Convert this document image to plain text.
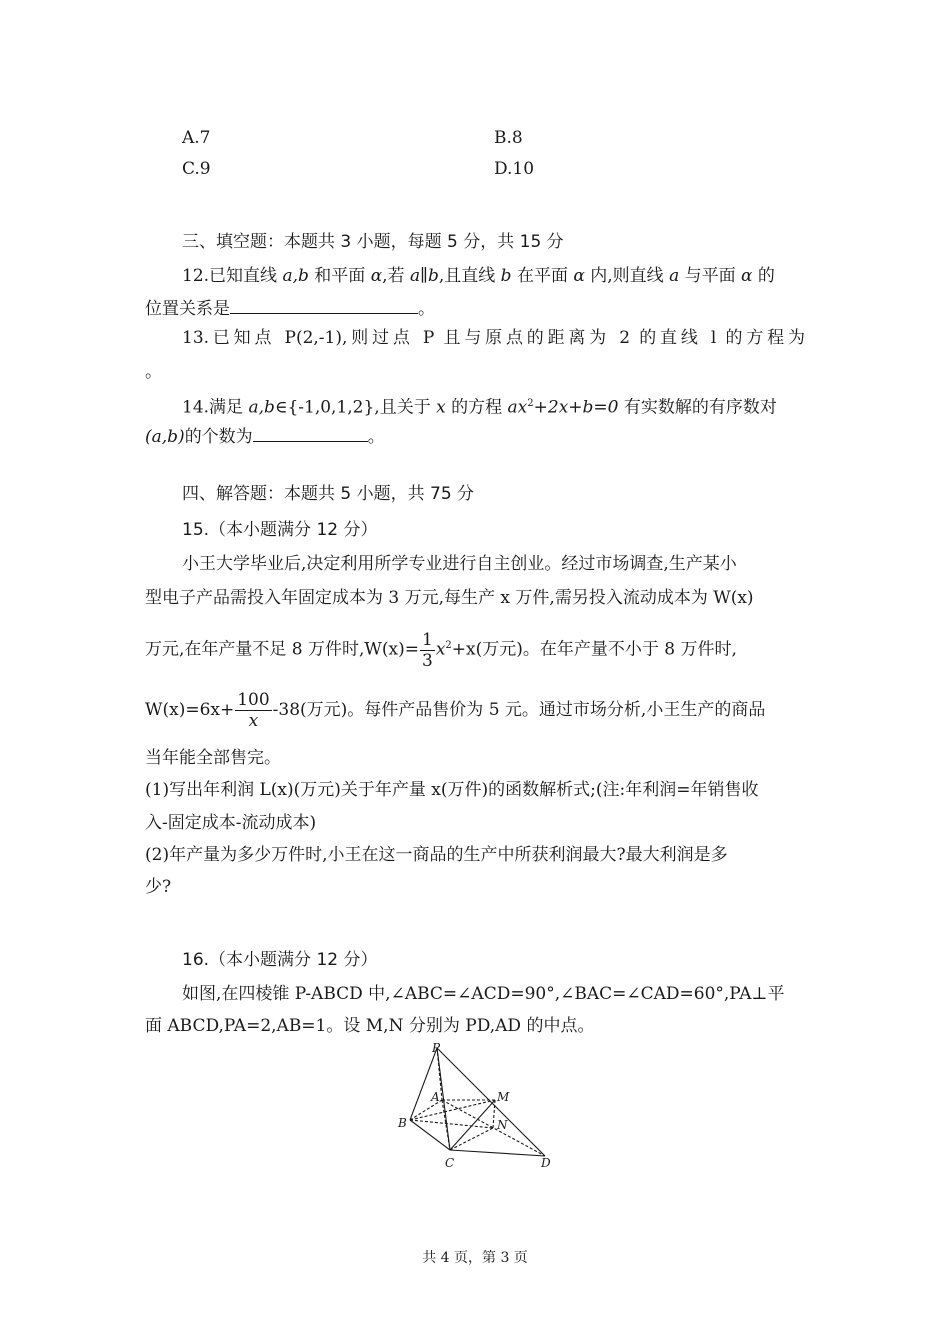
A.7	B.8
C.9	D.10
三、填空题：本题共 3 小题，每题 5 分，共 15 分
12.已知直线 a,b 和平面 α,若 a∥b,且直线 b 在平面 α 内,则直线 a 与平面 α 的
位置关系是	。
13.已知点 P(2,-1),则过点 P 且与原点的距离为 2 的直线 l 的方程为
。
14.满足 a,b∈{-1,0,1,2},且关于 x 的方程 $ax^2+2x+b=0$ 有实数解的有序数对
(a,b)的个数为	。
四、解答题：本题共 5 小题，共 75 分
15.（本小题满分 12 分）
小王大学毕业后,决定利用所学专业进行自主创业。经过市场调查,生产某小
型电子产品需投入年固定成本为 3 万元,每生产 x 万件,需另投入流动成本为 W(x)
万元,在年产量不足 8 万件时$,W(x)= \frac{1}{3} x^2+x$(万元)。在年产量不小于 8 万件时,
$W(x)=6x+ \frac{100}{x} -38$(万元)。每件产品售价为 5 元。通过市场分析,小王生产的商品
当年能全部售完。
(1)写出年利润 L(x)(万元)关于年产量 x(万件)的函数解析式;(注:年利润=年销售收
入-固定成本-流动成本)
(2)年产量为多少万件时,小王在这一商品的生产中所获利润最大?最大利润是多
少?
16.（本小题满分 12 分）
如图,在四棱锥 P-ABCD 中,∠ABC=∠ACD=90°,∠BAC=∠CAD=60°,PA⊥平
面 ABCD,PA=2,AB=1。设 M,N 分别为 PD,AD 的中点。
P
A	M
B	N
C	D
共 4 页，第 3 页
